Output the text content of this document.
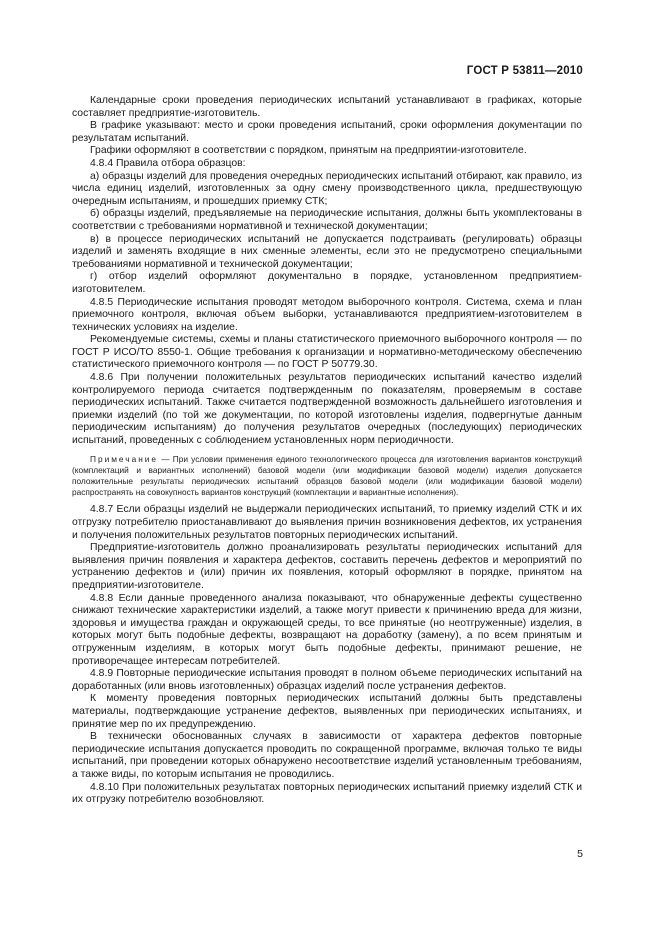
ГОСТ Р 53811—2010

Календарные сроки проведения периодических испытаний устанавливают в графиках, которые составляет предприятие-изготовитель.

В графике указывают: место и сроки проведения испытаний, сроки оформления документации по результатам испытаний.

Графики оформляют в соответствии с порядком, принятым на предприятии-изготовителе.

4.8.4 Правила отбора образцов:

а) образцы изделий для проведения очередных периодических испытаний отбирают, как правило, из числа единиц изделий, изготовленных за одну смену производственного цикла, предшествующую очередным испытаниям, и прошедших приемку СТК;

б) образцы изделий, предъявляемые на периодические испытания, должны быть укомплектованы в соответствии с требованиями нормативной и технической документации;

в) в процессе периодических испытаний не допускается подстраивать (регулировать) образцы изделий и заменять входящие в них сменные элементы, если это не предусмотрено специальными требованиями нормативной и технической документации;

г) отбор изделий оформляют документально в порядке, установленном предприятием-изготовителем.

4.8.5 Периодические испытания проводят методом выборочного контроля. Система, схема и план приемочного контроля, включая объем выборки, устанавливаются предприятием-изготовителем в технических условиях на изделие.

Рекомендуемые системы, схемы и планы статистического приемочного выборочного контроля — по ГОСТ Р ИСО/ТО 8550-1. Общие требования к организации и нормативно-методическому обеспечению статистического приемочного контроля — по ГОСТ Р 50779.30.

4.8.6 При получении положительных результатов периодических испытаний качество изделий контролируемого периода считается подтвержденным по показателям, проверяемым в составе периодических испытаний. Также считается подтвержденной возможность дальнейшего изготовления и приемки изделий (по той же документации, по которой изготовлены изделия, подвергнутые данным периодическим испытаниям) до получения результатов очередных (последующих) периодических испытаний, проведенных с соблюдением установленных норм периодичности.

Примечание — При условии применения единого технологического процесса для изготовления вариантов конструкций (комплектаций и вариантных исполнений) базовой модели (или модификации базовой модели) изделия допускается положительные результаты периодических испытаний образцов базовой модели (или модификации базовой модели) распространять на совокупность вариантов конструкций (комплектации и вариантные исполнения).

4.8.7 Если образцы изделий не выдержали периодических испытаний, то приемку изделий СТК и их отгрузку потребителю приостанавливают до выявления причин возникновения дефектов, их устранения и получения положительных результатов повторных периодических испытаний.

Предприятие-изготовитель должно проанализировать результаты периодических испытаний для выявления причин появления и характера дефектов, составить перечень дефектов и мероприятий по устранению дефектов и (или) причин их появления, который оформляют в порядке, принятом на предприятии-изготовителе.

4.8.8 Если данные проведенного анализа показывают, что обнаруженные дефекты существенно снижают технические характеристики изделий, а также могут привести к причинению вреда для жизни, здоровья и имущества граждан и окружающей среды, то все принятые (но неотгруженные) изделия, в которых могут быть подобные дефекты, возвращают на доработку (замену), а по всем принятым и отгруженным изделиям, в которых могут быть подобные дефекты, принимают решение, не противоречащее интересам потребителей.

4.8.9 Повторные периодические испытания проводят в полном объеме периодических испытаний на доработанных (или вновь изготовленных) образцах изделий после устранения дефектов.

К моменту проведения повторных периодических испытаний должны быть представлены материалы, подтверждающие устранение дефектов, выявленных при периодических испытаниях, и принятие мер по их предупреждению.

В технически обоснованных случаях в зависимости от характера дефектов повторные периодические испытания допускается проводить по сокращенной программе, включая только те виды испытаний, при проведении которых обнаружено несоответствие изделий установленным требованиям, а также виды, по которым испытания не проводились.

4.8.10 При положительных результатах повторных периодических испытаний приемку изделий СТК и их отгрузку потребителю возобновляют.

5
